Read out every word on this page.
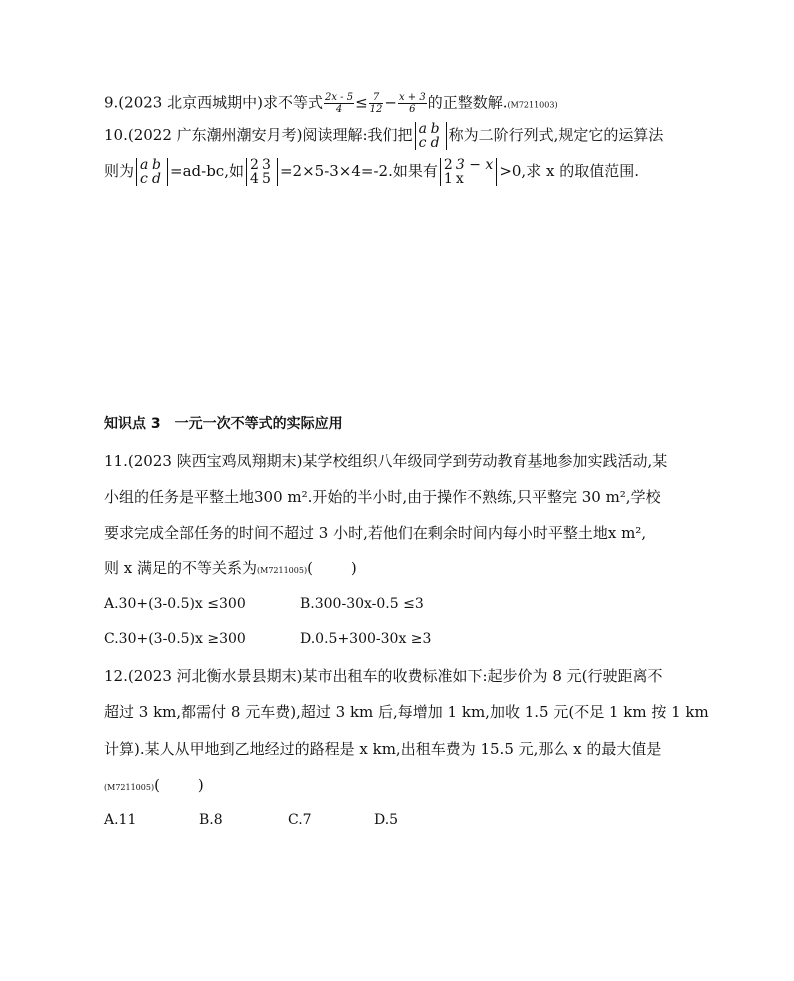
9.(2023 北京西城期中)求不等式 $\frac{2x - 5}{4} \le \frac{7}{12} - \frac{x + 3}{6}$ 的正整数解.(M7211003)
10.(2022 广东潮州潮安月考)阅读理解:我们把 a b
c d 称为二阶行列式,规定它的运算法
则为 a b
c d =ad-bc,如 2 3
4 5 =2×5-3×4=-2.如果有 2 3 − x
1 x	>0,求 x 的取值范围.
知识点 3　一元一次不等式的实际应用
11.(2023 陕西宝鸡凤翔期末)某学校组织八年级同学到劳动教育基地参加实践活动,某
小组的任务是平整土地300 m².开始的半小时,由于操作不熟练,只平整完 30 m²,学校
要求完成全部任务的时间不超过 3 小时,若他们在剩余时间内每小时平整土地x m²,
则 x 满足的不等关系为(M7211005)(	)
A.30+(3-0.5)x ≤300	B.300-30x-0.5 ≤3
C.30+(3-0.5)x ≥300	D.0.5+300-30x ≥3
12.(2023 河北衡水景县期末)某市出租车的收费标准如下:起步价为 8 元(行驶距离不
超过 3 km,都需付 8 元车费),超过 3 km 后,每增加 1 km,加收 1.5 元(不足 1 km 按 1 km
计算).某人从甲地到乙地经过的路程是 x km,出租车费为 15.5 元,那么 x 的最大值是
(M7211005)(	)
A.11	B.8	C.7	D.5
